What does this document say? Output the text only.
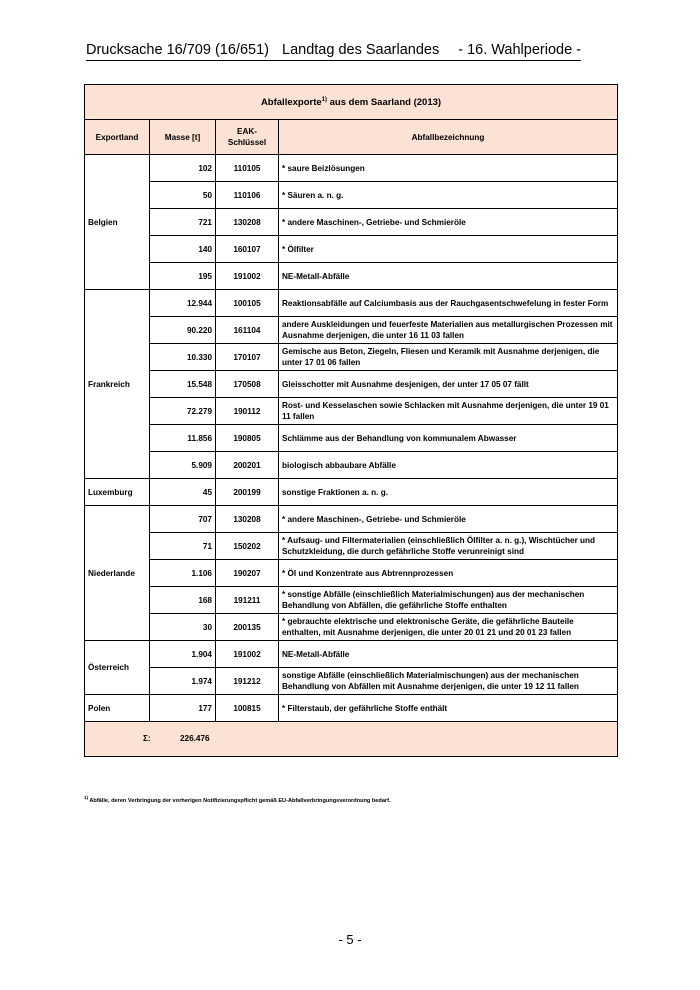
Drucksache 16/709 (16/651) Landtag des Saarlandes - 16. Wahlperiode -
Abfallexporte$^{1)}$ aus dem Saarland (2013)			
Exportland	Masse [t]	EAK-Schlüssel	Abfallbezeichnung
Belgien	102	110105	* saure Beizlösungen
	50	110106	* Säuren a. n. g.
	721	130208	* andere Maschinen-, Getriebe- und Schmieröle
	140	160107	* Ölfilter
	195	191002	NE-Metall-Abfälle
Frankreich	12.944	100105	Reaktionsabfälle auf Calciumbasis aus der Rauchgasentschwefelung in fester Form
	90.220	161104	andere Auskleidungen und feuerfeste Materialien aus metallurgischen Prozessen mit Ausnahme derjenigen, die unter 16 11 03 fallen
	10.330	170107	Gemische aus Beton, Ziegeln, Fliesen und Keramik mit Ausnahme derjenigen, die unter 17 01 06 fallen
	15.548	170508	Gleisschotter mit Ausnahme desjenigen, der unter 17 05 07 fällt
	72.279	190112	Rost- und Kesselaschen sowie Schlacken mit Ausnahme derjenigen, die unter 19 01 11 fallen
	11.856	190805	Schlämme aus der Behandlung von kommunalem Abwasser
	5.909	200201	biologisch abbaubare Abfälle
Luxemburg	45	200199	sonstige Fraktionen a. n. g.
Niederlande	707	130208	* andere Maschinen-, Getriebe- und Schmieröle
	71	150202	* Aufsaug- und Filtermaterialien (einschließlich Ölfilter a. n. g.), Wischtücher und Schutzkleidung, die durch gefährliche Stoffe verunreinigt sind
	1.106	190207	* Öl und Konzentrate aus Abtrennprozessen
	168	191211	* sonstige Abfälle (einschließlich Materialmischungen) aus der mechanischen Behandlung von Abfällen, die gefährliche Stoffe enthalten
	30	200135	* gebrauchte elektrische und elektronische Geräte, die gefährliche Bauteile enthalten, mit Ausnahme derjenigen, die unter 20 01 21 und 20 01 23 fallen
Österreich	1.904	191002	NE-Metall-Abfälle
	1.974	191212	sonstige Abfälle (einschließlich Materialmischungen) aus der mechanischen Behandlung von Abfällen mit Ausnahme derjenigen, die unter 19 12 11 fallen
Polen	177	100815	* Filterstaub, der gefährliche Stoffe enthält

Σ: 226.476			
$^{1)}$ Abfälle, deren Verbringung der vorherigen Notifizierungspflicht gemäß EU-Abfallverbringungsverordnung bedarf.
- 5 -
